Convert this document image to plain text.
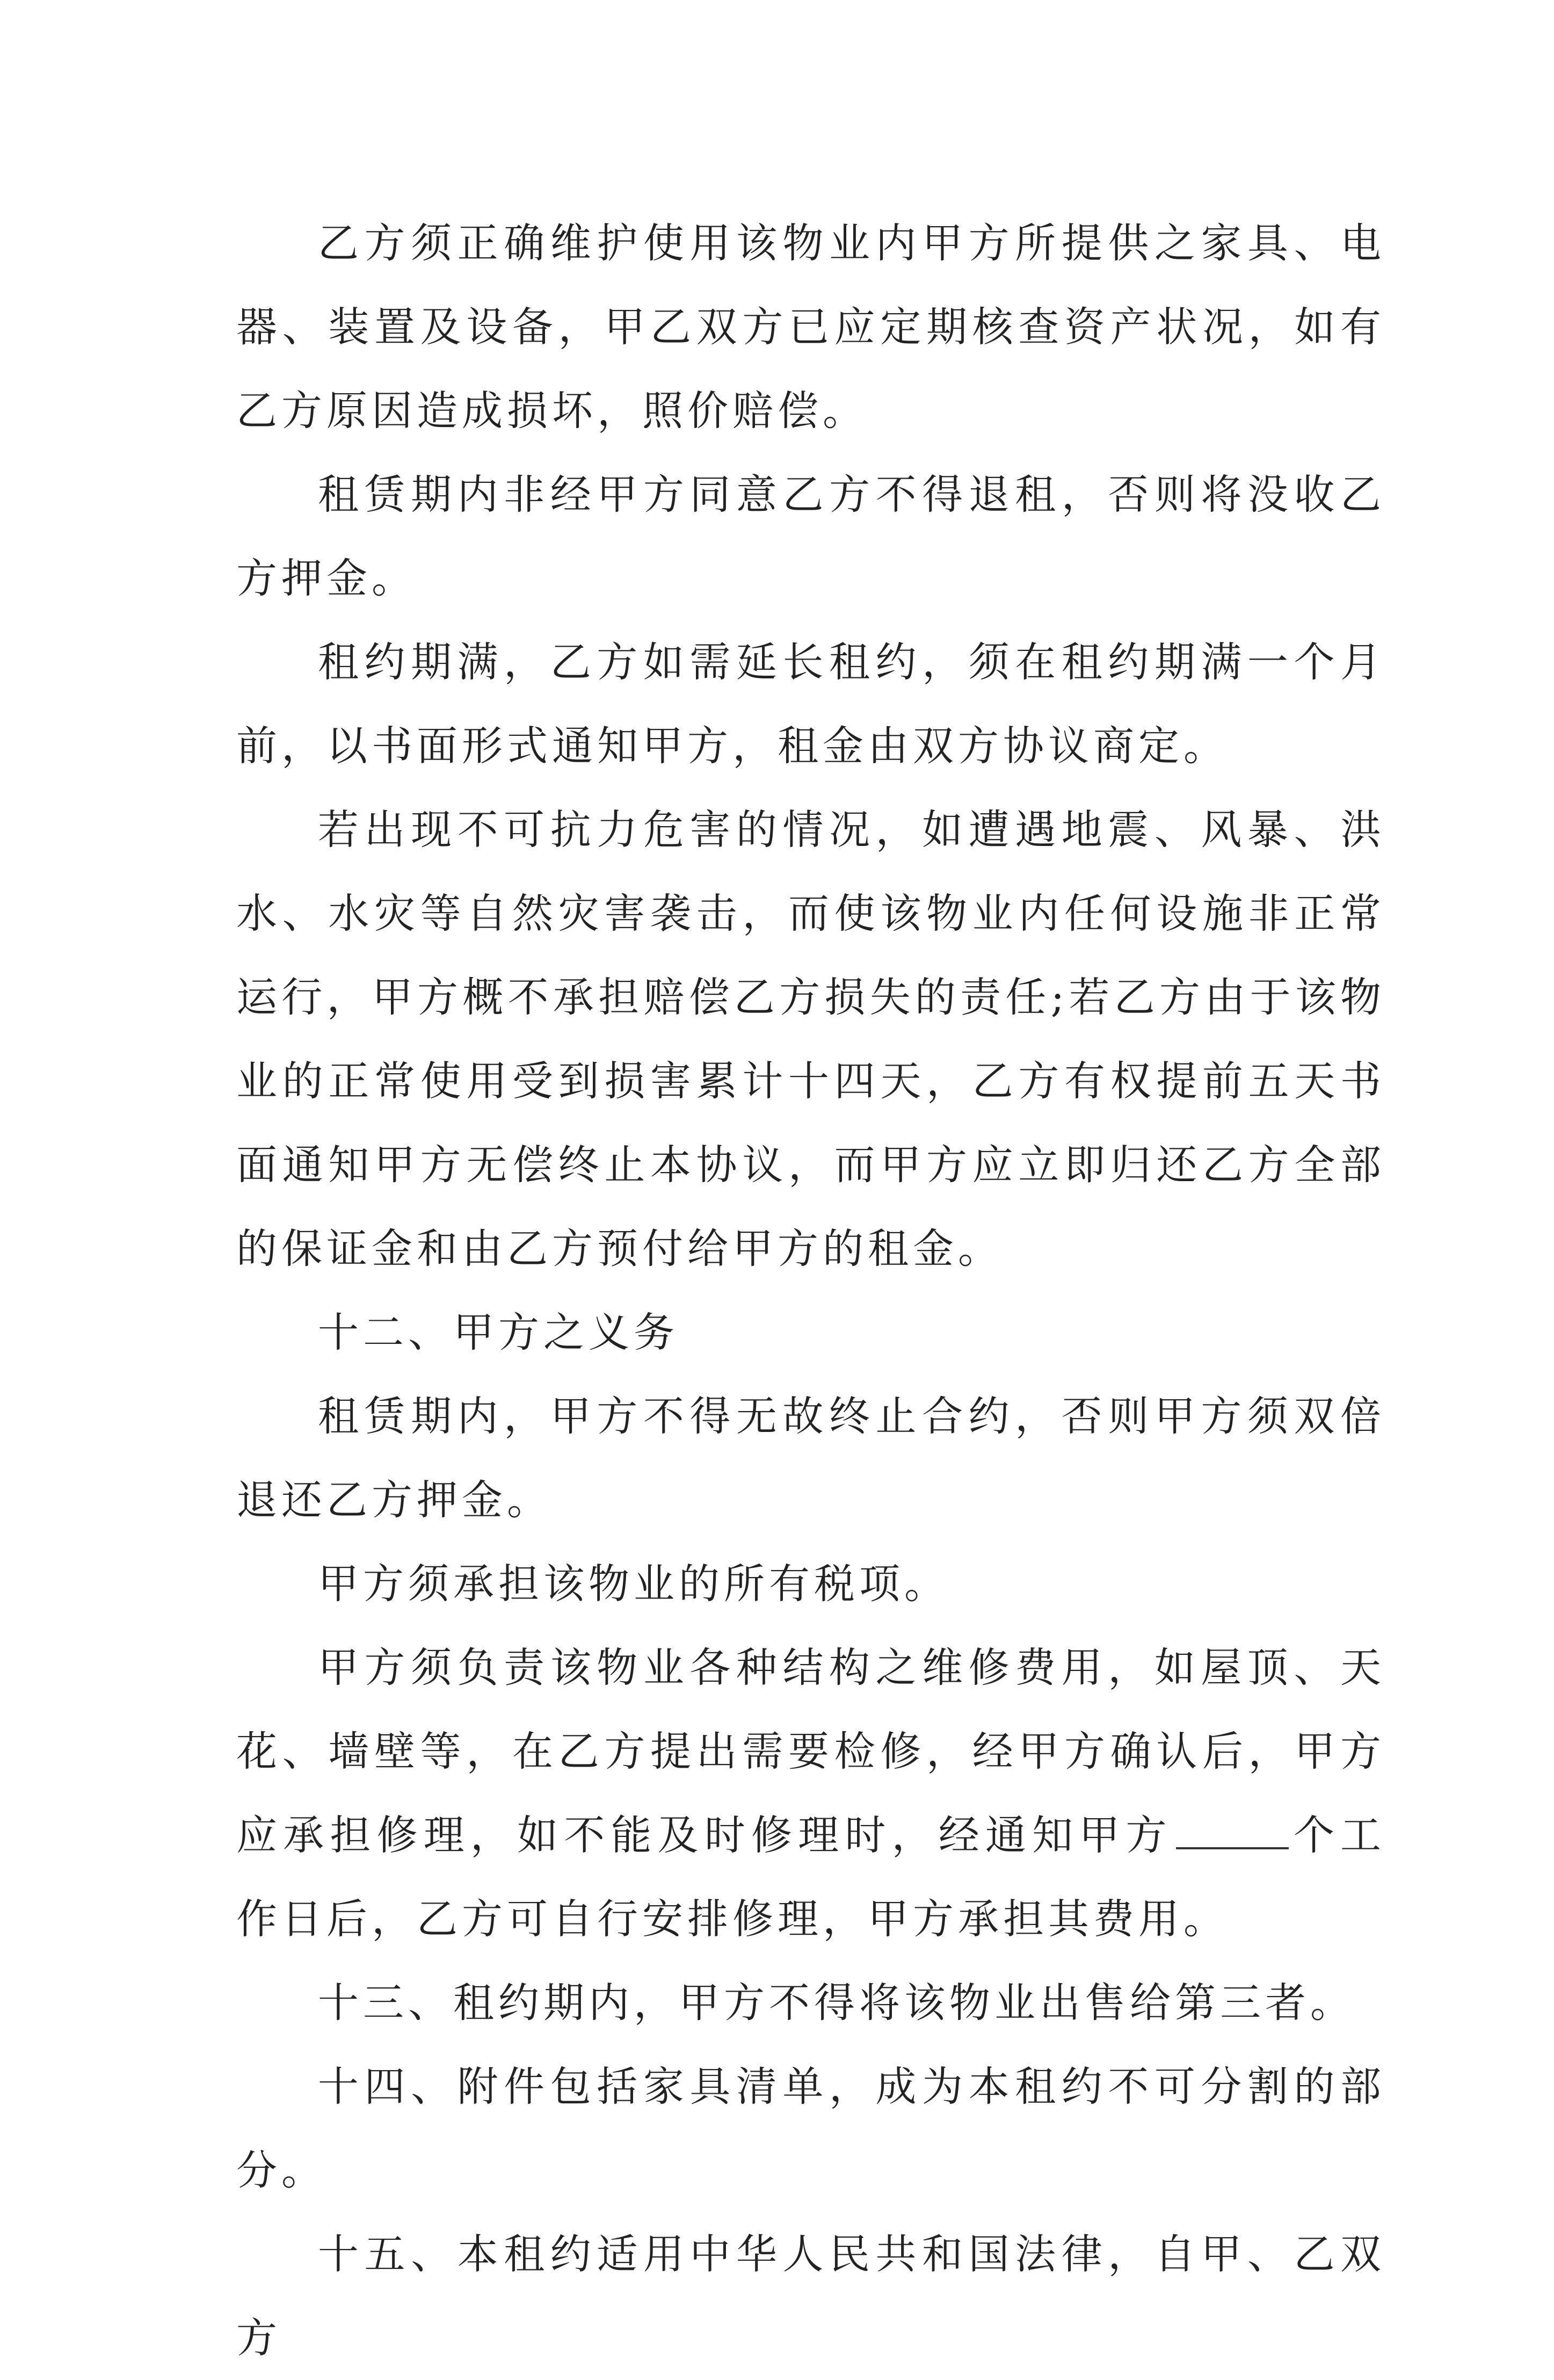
乙方须正确维护使用该物业内甲方所提供之家具、电器、装置及设备，甲乙双方已应定期核查资产状况，如有乙方原因造成损坏，照价赔偿。

租赁期内非经甲方同意乙方不得退租，否则将没收乙方押金。

租约期满，乙方如需延长租约，须在租约期满一个月前，以书面形式通知甲方，租金由双方协议商定。

若出现不可抗力危害的情况，如遭遇地震、风暴、洪水、水灾等自然灾害袭击，而使该物业内任何设施非正常运行，甲方概不承担赔偿乙方损失的责任;若乙方由于该物业的正常使用受到损害累计十四天，乙方有权提前五天书面通知甲方无偿终止本协议，而甲方应立即归还乙方全部的保证金和由乙方预付给甲方的租金。

十二、甲方之义务

租赁期内，甲方不得无故终止合约，否则甲方须双倍退还乙方押金。

甲方须承担该物业的所有税项。

甲方须负责该物业各种结构之维修费用，如屋顶、天花、墙壁等，在乙方提出需要检修，经甲方确认后，甲方应承担修理，如不能及时修理时，经通知甲方	个工作日后，乙方可自行安排修理，甲方承担其费用。

十三、租约期内，甲方不得将该物业出售给第三者。

十四、附件包括家具清单，成为本租约不可分割的部分。

十五、本租约适用中华人民共和国法律，自甲、乙双方
